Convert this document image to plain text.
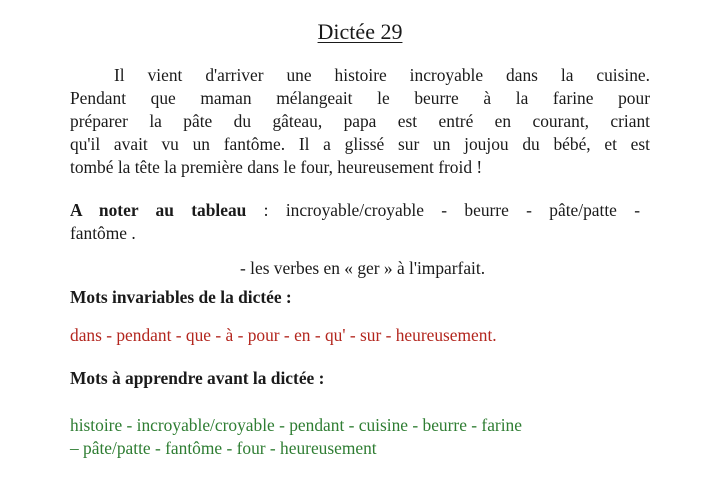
Dictée 29
Il vient d'arriver une histoire incroyable dans la cuisine.
Pendant que maman mélangeait le beurre à la farine pour
préparer la pâte du gâteau, papa est entré en courant, criant
qu'il avait vu un fantôme. Il a glissé sur un joujou du bébé, et est
tombé la tête la première dans le four, heureusement froid !
A noter au tableau : incroyable/croyable - beurre - pâte/patte -
fantôme .
- les verbes en « ger » à l'imparfait.
Mots invariables de la dictée :
dans - pendant - que - à - pour - en - qu' - sur - heureusement.
Mots à apprendre avant la dictée :
histoire - incroyable/croyable - pendant - cuisine - beurre - farine
– pâte/patte - fantôme - four - heureusement
